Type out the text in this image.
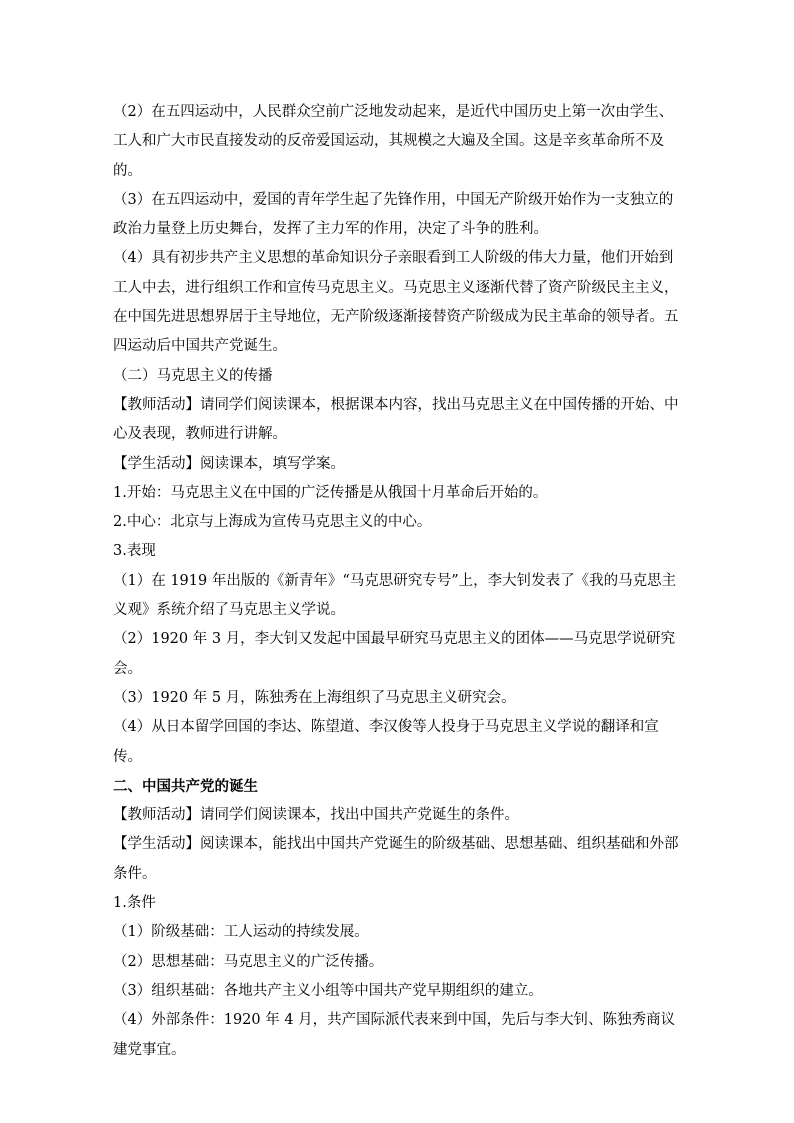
（2）在五四运动中，人民群众空前广泛地发动起来，是近代中国历史上第一次由学生、工人和广大市民直接发动的反帝爱国运动，其规模之大遍及全国。这是辛亥革命所不及的。

（3）在五四运动中，爱国的青年学生起了先锋作用，中国无产阶级开始作为一支独立的政治力量登上历史舞台，发挥了主力军的作用，决定了斗争的胜利。

（4）具有初步共产主义思想的革命知识分子亲眼看到工人阶级的伟大力量，他们开始到工人中去，进行组织工作和宣传马克思主义。马克思主义逐渐代替了资产阶级民主主义，在中国先进思想界居于主导地位，无产阶级逐渐接替资产阶级成为民主革命的领导者。五四运动后中国共产党诞生。

（二）马克思主义的传播

【教师活动】请同学们阅读课本，根据课本内容，找出马克思主义在中国传播的开始、中心及表现，教师进行讲解。

【学生活动】阅读课本，填写学案。

1.开始：马克思主义在中国的广泛传播是从俄国十月革命后开始的。

2.中心：北京与上海成为宣传马克思主义的中心。

3.表现

（1）在 1919 年出版的《新青年》“马克思研究专号”上，李大钊发表了《我的马克思主义观》系统介绍了马克思主义学说。

（2）1920 年 3 月，李大钊又发起中国最早研究马克思主义的团体——马克思学说研究会。

（3）1920 年 5 月，陈独秀在上海组织了马克思主义研究会。

（4）从日本留学回国的李达、陈望道、李汉俊等人投身于马克思主义学说的翻译和宣传。

二、中国共产党的诞生

【教师活动】请同学们阅读课本，找出中国共产党诞生的条件。

【学生活动】阅读课本，能找出中国共产党诞生的阶级基础、思想基础、组织基础和外部条件。

1.条件

（1）阶级基础：工人运动的持续发展。

（2）思想基础：马克思主义的广泛传播。

（3）组织基础：各地共产主义小组等中国共产党早期组织的建立。

（4）外部条件：1920 年 4 月，共产国际派代表来到中国，先后与李大钊、陈独秀商议建党事宜。
